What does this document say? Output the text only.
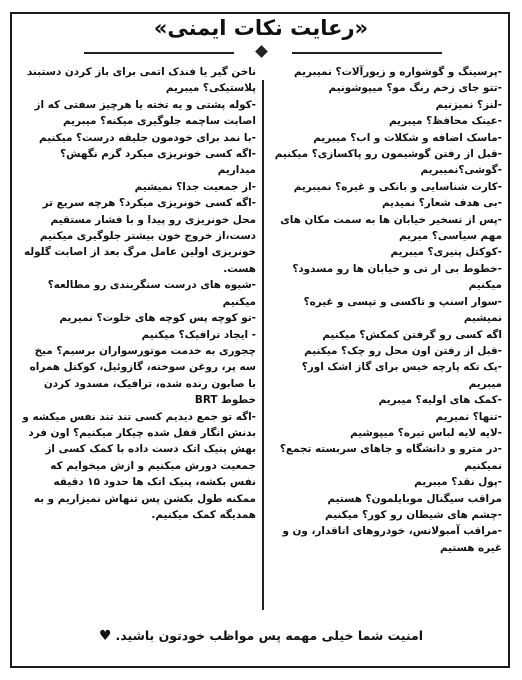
«رعایت نکات ایمنی»

-پرسینگ و گوشواره و زیورآلات؟ نمیبریم

-تتو جای زخم رنگ مو؟ میپوشونیم

-لنز؟ نمیزنیم

-عینک محافظ؟ میبریم

-ماسک اضافه و شکلات و اب؟ میبریم

-قبل از رفتن گوشیمون رو پاکسازی؟ میکنیم

-گوشی؟نمیبریم

-کارت شناسایی و بانکی و غیره؟ نمیبریم

-بی هدف شعار؟ نمیدیم

-پس از تسخیر خیابان ها به سمت مکان های مهم سیاسی؟ میریم

-کوکتل پنیری؟ میبریم

-خطوط بی ار تی و خیابان ها رو مسدود؟ میکنیم

-سوار اسنپ و تاکسی و تپسی و غیره؟ نمیشیم

اگه کسی رو گرفتن کمکش؟ میکنیم

-قبل از رفتن اون محل رو چک؟ میکنیم

-یک تکه پارچه خیس برای گاز اشک اور؟ میبریم

-کمک های اولیه؟ میبریم

-تنها؟ نمیریم

-لایه لایه لباس تیره؟ میپوشیم

-در مترو و دانشگاه و جاهای سربسته تجمع؟ نمیکنیم

-پول نقد؟ میبریم

مراقب سیگنال موبایلمون؟ هستیم

-چشم های شیطان رو کور؟ میکنیم

-مراقب آمبولانس، خودروهای اتاقدار، ون و غیره هستیم

ناخن گیر یا فندک اتمی برای باز کردن دستبند پلاستیکی؟ میبریم

-کوله پشتی و یه تخته یا هرچیز سفتی که از اصابت ساچمه جلوگیری میکنه؟ میبریم

-با نمد برای خودمون جلیقه درست؟ میکنیم

-اگه کسی خونریزی میکرد گرم نگهش؟ میداریم

-از جمعیت جدا؟ نمیشیم

-اگه کسی خونریزی میکرد؟ هرچه سریع تر محل خونریزی رو پیدا و با فشار مستقیم دست،از خروج خون بیشتر جلوگیری میکنیم خونریزی اولین عامل مرگ بعد از اصابت گلوله هست.

-شیوه های درست سنگربندی رو مطالعه؟ میکنیم

-تو کوچه پس کوچه های خلوت؟ نمیریم

- ایجاد ترافیک؟ میکنیم

چجوری به خدمت موتورسواران برسیم؟ میخ سه پر، روغن سوخته، گازوئیل، کوکتل همراه با صابون رنده شده، ترافیک، مسدود کردن خطوط BRT

-اگه تو جمع دیدیم کسی تند تند نفس میکشه و بدنش انگار قفل شده چیکار میکنیم؟ اون فرد بهش پنیک اتک دست داده با کمک کسی از جمعیت دورش میکنیم و ازش میخوایم که نفس بکشه، پنیک اتک ها حدود ۱۵ دقیقه ممکنه طول بکشن پس تنهاش نمیزاریم و به همدیگه کمک میکنیم.

امنیت شما خیلی مهمه پس مواظب خودتون باشید.♥
